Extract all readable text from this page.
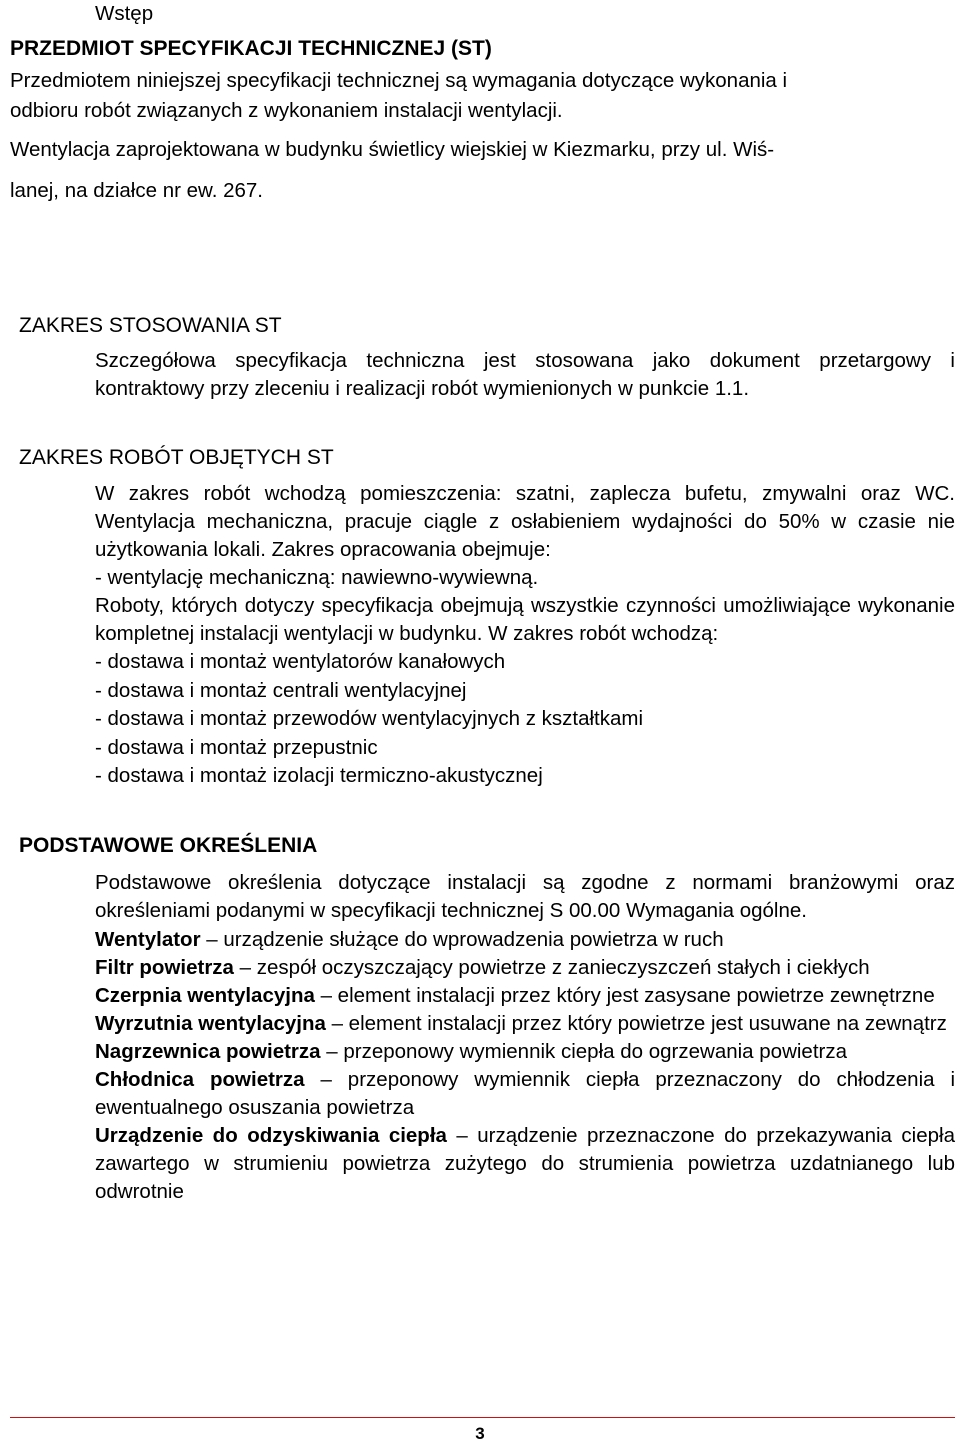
Wstęp
PRZEDMIOT SPECYFIKACJI TECHNICZNEJ (ST)
Przedmiotem niniejszej specyfikacji technicznej są wymagania dotyczące wykonania i
odbioru robót związanych z wykonaniem instalacji wentylacji.
Wentylacja zaprojektowana w budynku świetlicy wiejskiej w Kiezmarku, przy ul. Wiś-
lanej, na działce nr ew. 267.
ZAKRES STOSOWANIA ST

Szczegółowa specyfikacja techniczna jest stosowana jako dokument przetargowy i kontraktowy przy zleceniu i realizacji robót wymienionych w punkcie 1.1.

ZAKRES ROBÓT OBJĘTYCH ST

W zakres robót wchodzą pomieszczenia: szatni, zaplecza bufetu, zmywalni oraz WC. Wentylacja mechaniczna, pracuje ciągle z osłabieniem wydajności do 50% w czasie nie użytkowania lokali. Zakres opracowania obejmuje:

- wentylację mechaniczną: nawiewno-wywiewną.

Roboty, których dotyczy specyfikacja obejmują wszystkie czynności umożliwiające wykonanie kompletnej instalacji wentylacji w budynku. W zakres robót wchodzą:

- dostawa i montaż wentylatorów kanałowych
- dostawa i montaż centrali wentylacyjnej
- dostawa i montaż przewodów wentylacyjnych z kształtkami
- dostawa i montaż przepustnic
- dostawa i montaż izolacji termiczno-akustycznej
PODSTAWOWE OKREŚLENIA

Podstawowe określenia dotyczące instalacji są zgodne z normami branżowymi oraz określeniami podanymi w specyfikacji technicznej S 00.00 Wymagania ogólne.

Wentylator – urządzenie służące do wprowadzenia powietrza w ruch

Filtr powietrza – zespół oczyszczający powietrze z zanieczyszczeń stałych i ciekłych

Czerpnia wentylacyjna – element instalacji przez który jest zasysane powietrze zewnętrzne

Wyrzutnia wentylacyjna – element instalacji przez który powietrze jest usuwane na zewnątrz

Nagrzewnica powietrza – przeponowy wymiennik ciepła do ogrzewania powietrza

Chłodnica powietrza – przeponowy wymiennik ciepła przeznaczony do chłodzenia i ewentualnego osuszania powietrza

Urządzenie do odzyskiwania ciepła – urządzenie przeznaczone do przekazywania ciepła zawartego w strumieniu powietrza zużytego do strumienia powietrza uzdatnianego lub odwrotnie

3
